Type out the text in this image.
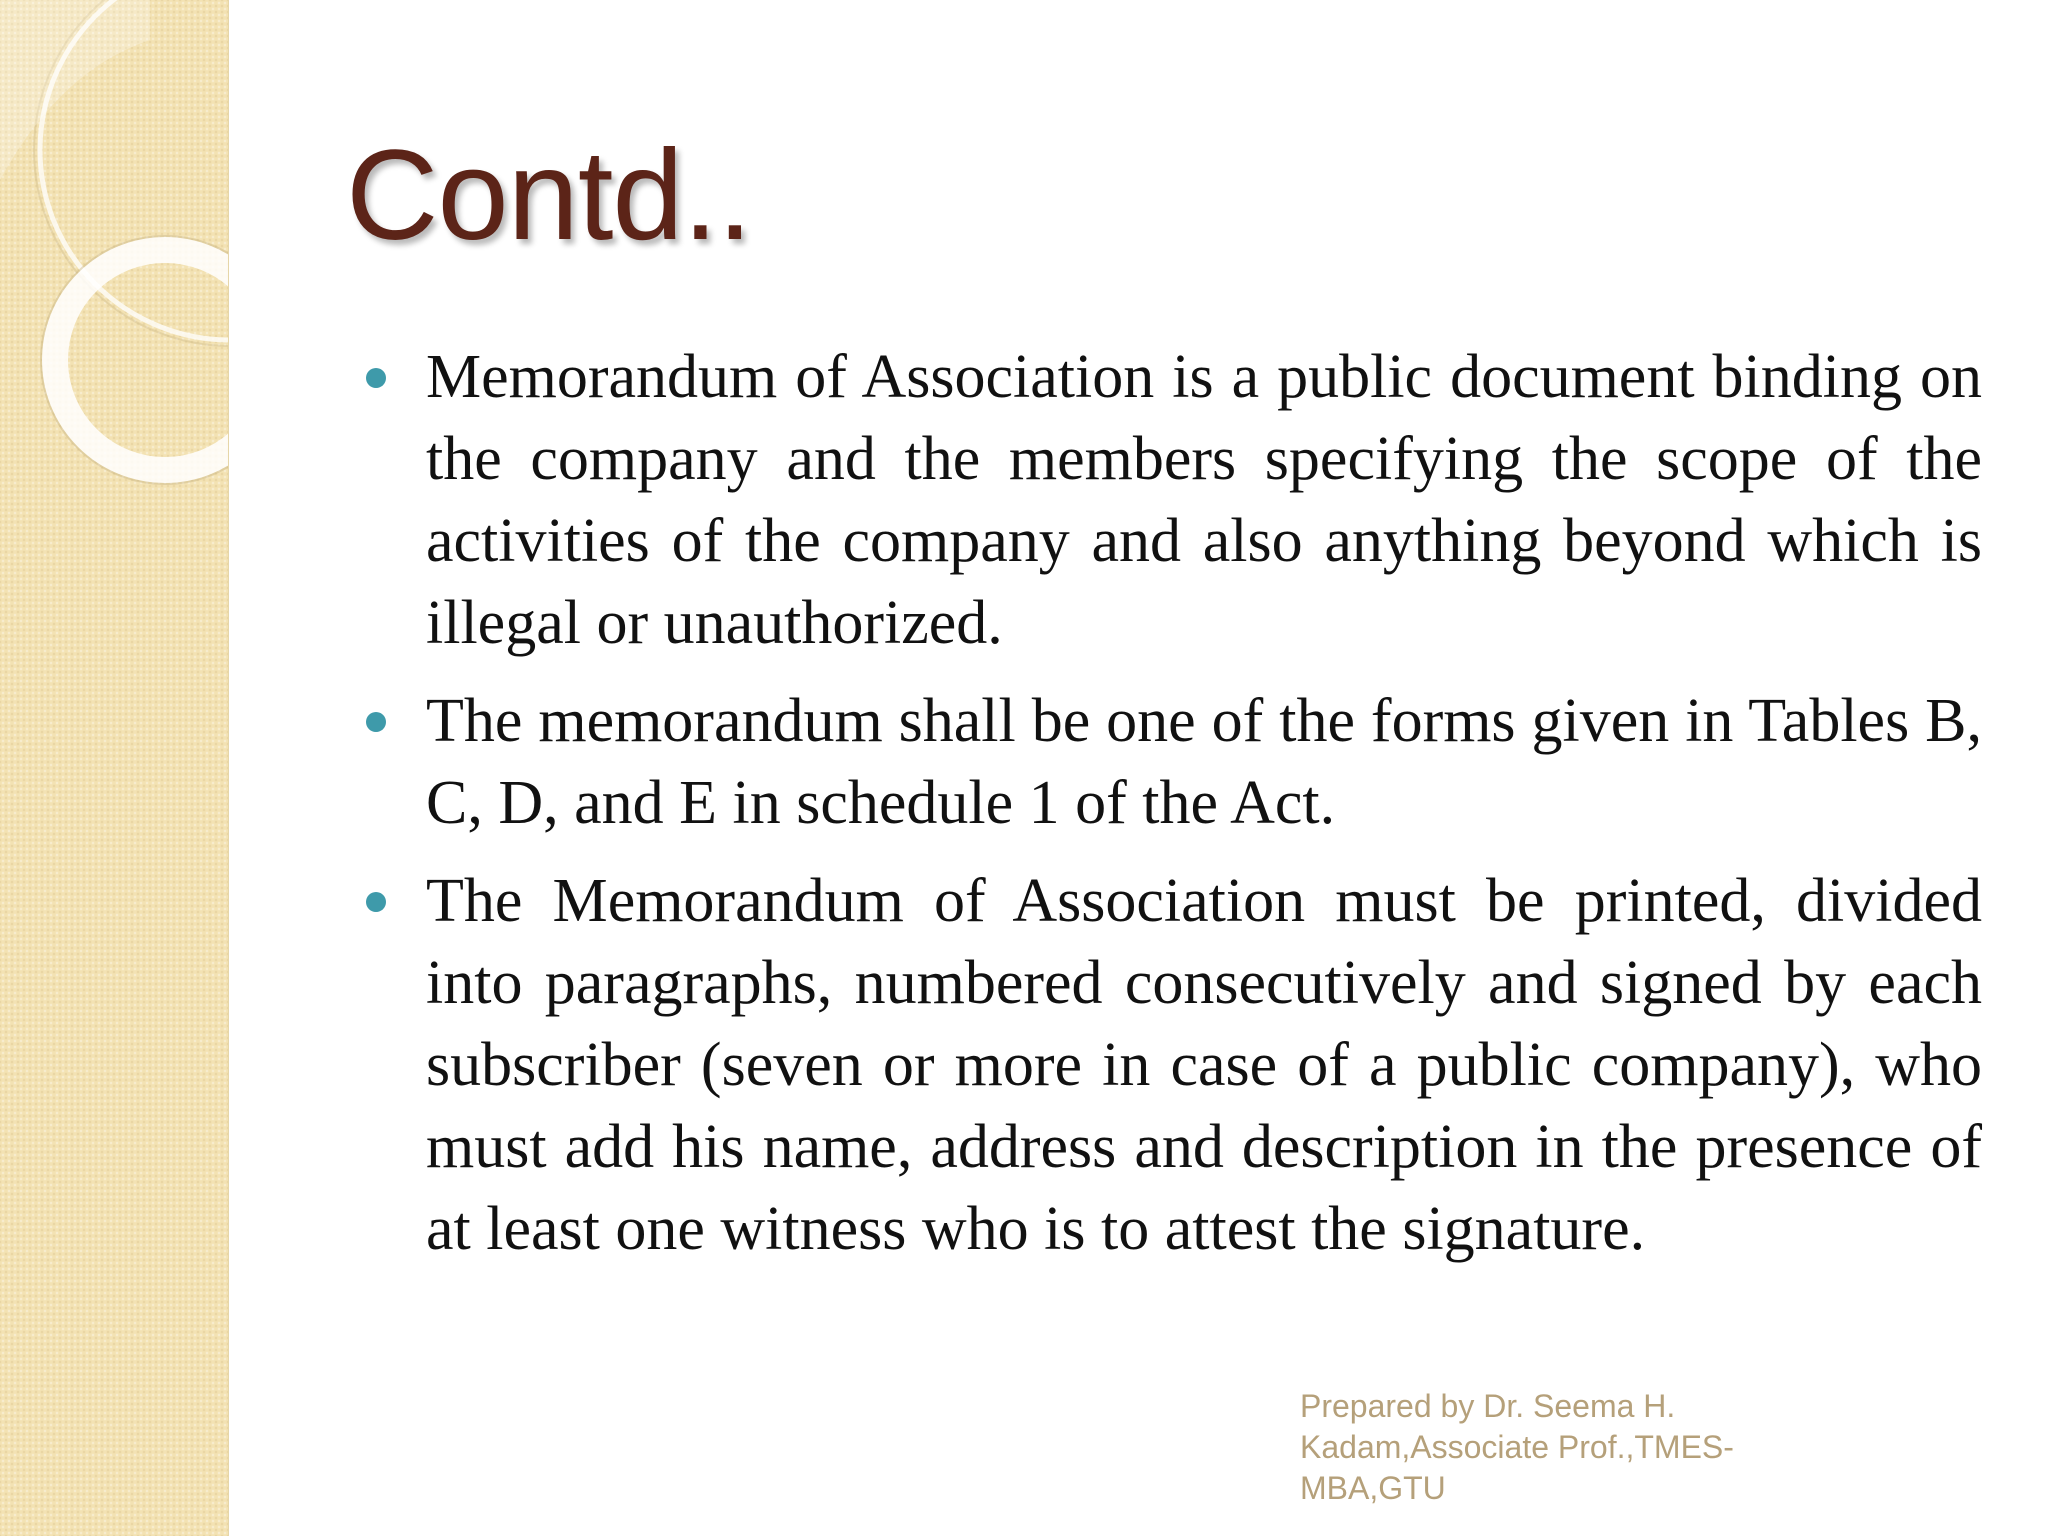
Contd..
Memorandum of Association is a public document binding on the company and the members specifying the scope of the activities of the company and also anything beyond which is illegal or unauthorized.
The memorandum shall be one of the forms given in Tables B, C, D, and E in schedule 1 of the Act.
The Memorandum of Association must be printed, divided into paragraphs, numbered consecutively and signed by each subscriber (seven or more in case of a public company), who must add his name, address and description in the presence of at least one witness who is to attest the signature.

Prepared by Dr. Seema H. Kadam,Associate Prof.,TMES-MBA,GTU
